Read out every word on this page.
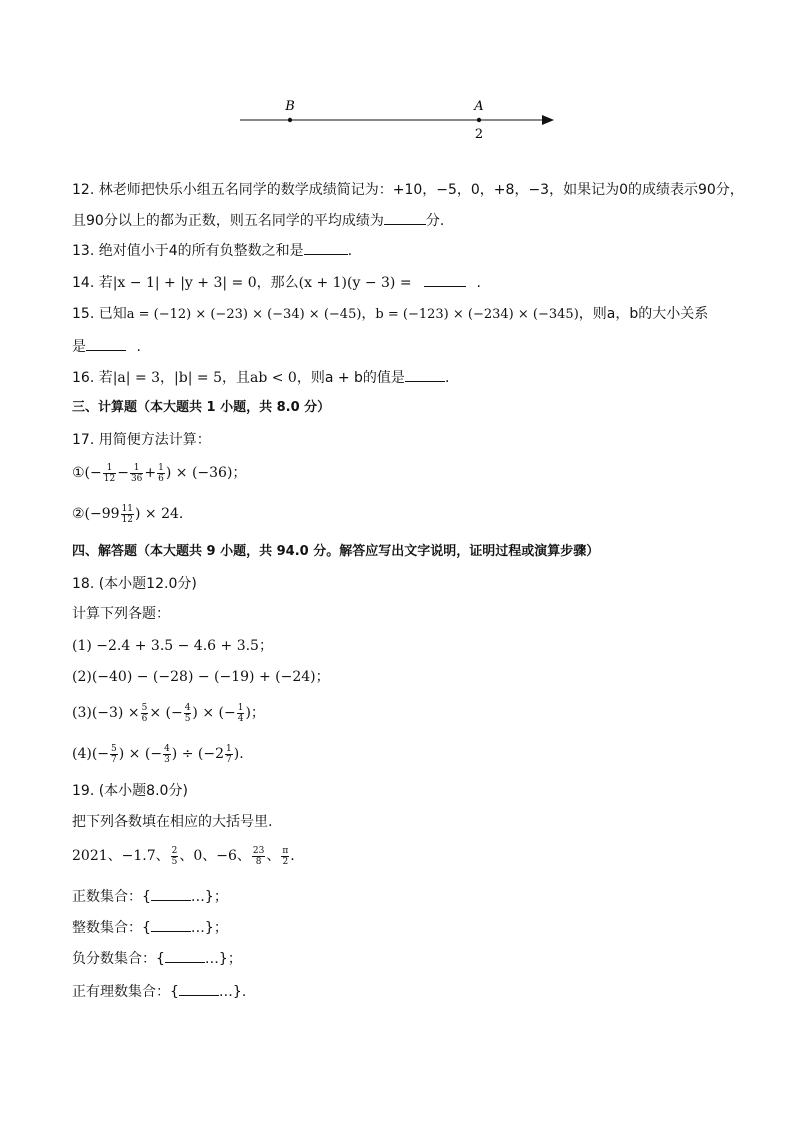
B	A
2
12. 林老师把快乐小组五名同学的数学成绩简记为：+10，−5，0，+8，−3，如果记为0的成绩表示90分，
且90分以上的都为正数，则五名同学的平均成绩为	分.
13. 绝对值小于4的所有负整数之和是	.
14. 若|x − 1| + |y + 3| = 0，那么(x + 1)(y − 3) =	.
15. 已知a = (−12) × (−23) × (−34) × (−45)，b = (−123) × (−234) × (−345)，则a，b的大小关系
是	.
16. 若|a| = 3，|b| = 5，且ab < 0，则a + b的值是	.
三、计算题（本大题共 1 小题，共 8.0 分）
17. 用简便方法计算：
①(− $\frac{1}{12} - \frac{1}{36} + \frac{1}{6}$ ) × (−36)；
②(−99 $\frac{11}{12}$ ) × 24.
四、解答题（本大题共 9 小题，共 94.0 分。解答应写出文字说明，证明过程或演算步骤）
18. (本小题12.0分)
计算下列各题：
(1) −2.4 + 3.5 − 4.6 + 3.5；
(2)(−40) − (−28) − (−19) + (−24)；
$(3)(-3) \times \frac{5}{6}$ × (− $\frac{4}{5}$ ) × (− $\frac{1}{4}$ )；
$(4)(- \frac{5}{7}$ ) × (− $\frac{4}{3}$ ) ÷ ($-2 \frac{1}{7}$ ).
19. (本小题8.0分)
把下列各数填在相应的大括号里.
2021、−1.7、 $\frac{2}{5}$ 、0、−6、 $\frac{23}{8}$ 、 $\frac{\pi}{2}$ .
正数集合：{	…}；
整数集合：{	…}；
负分数集合：{	…}；
正有理数集合：{	…}.
